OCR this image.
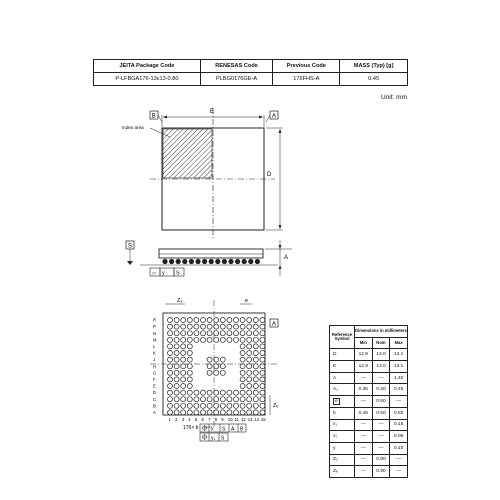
JEITA Package Code	RENESAS Code	Previous Code	MASS (Typ) [g]
P-LFBGA176-13x13-0.80	PLBG0176GE-A	176FHS-A	0.45
Unit: mm
E
B	A
D
Index area
S
▱ y S
A
R
P
N
M
L
K
J
H
G
F
E
D
C
B
A
1 2 3 4 5 6 7 8 9 10 11 12 13 14 15
Z₂	e
A
Zₑ
176× b	x S A B
y₁ S
Reference Symbol	Dimensions in millimeters		
	Min	Nom	Max
D	12.9	13.0	13.1
E	12.9	13.0	13.1
A	—	—	1.40
A₁	0.35	0.40	0.45
e	—	0.80	—
b	0.45	0.50	0.55
x₁	—	—	0.15
x₂	—	—	0.08
y	—	—	0.10
Z₂	—	0.90	—
Zₑ	—	0.90	—
